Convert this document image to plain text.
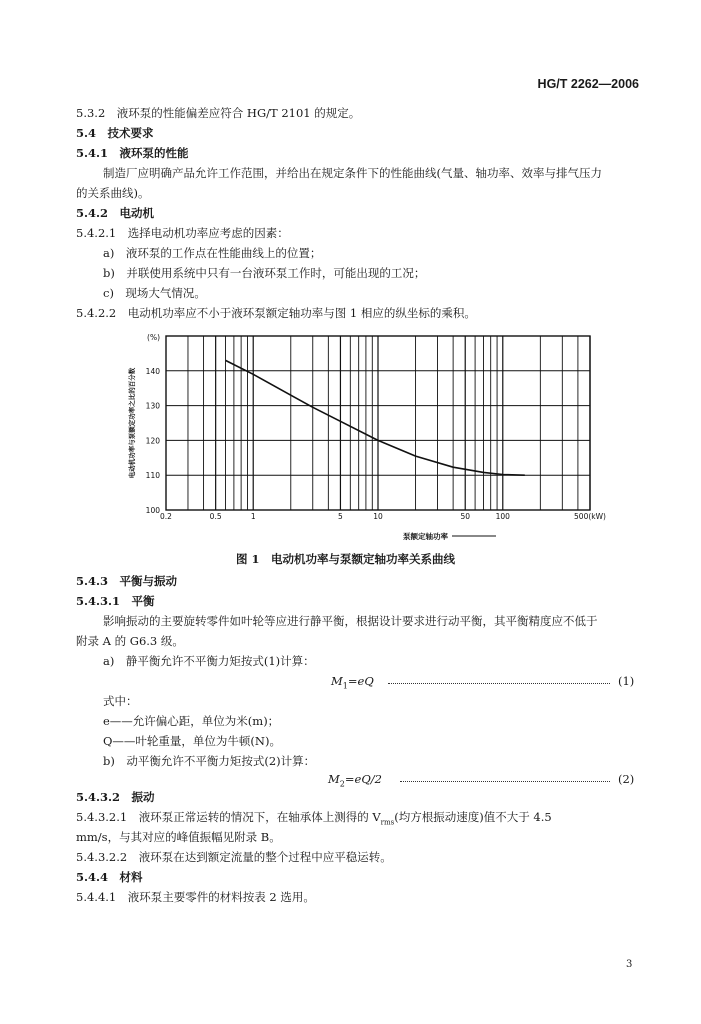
HG/T 2262—2006
5.3.2　液环泵的性能偏差应符合 HG/T 2101 的规定。
5.4　技术要求
5.4.1　液环泵的性能
制造厂应明确产品允许工作范围，并给出在规定条件下的性能曲线(气量、轴功率、效率与排气压力
的关系曲线)。
5.4.2　电动机
5.4.2.1　选择电动机功率应考虑的因素：
a)　液环泵的工作点在性能曲线上的位置；
b)　并联使用系统中只有一台液环泵工作时，可能出现的工况；
c)　现场大气情况。
5.4.2.2　电动机功率应不小于液环泵额定轴功率与图 1 相应的纵坐标的乘积。
100
110
120
130
140
(%)
0.2	0.5	1	5	10	50	100	500(kW)
泵额定轴功率
电动机功率与泵额定功率之比的百分数
图 1　电动机功率与泵额定轴功率关系曲线
5.4.3　平衡与振动
5.4.3.1　平衡
影响振动的主要旋转零件如叶轮等应进行静平衡，根据设计要求进行动平衡，其平衡精度应不低于
附录 A 的 G6.3 级。
a)　静平衡允许不平衡力矩按式(1)计算：
$M_1=eQ$	(1)
式中：
e——允许偏心距，单位为米(m)；
Q——叶轮重量，单位为牛顿(N)。
b)　动平衡允许不平衡力矩按式(2)计算：
$M_2=eQ/2$	(2)
5.4.3.2　振动
5.4.3.2.1　液环泵正常运转的情况下，在轴承体上测得的 $V_{rms}$(均方根振动速度)值不大于 4.5
mm/s，与其对应的峰值振幅见附录 B。
5.4.3.2.2　液环泵在达到额定流量的整个过程中应平稳运转。
5.4.4　材料
5.4.4.1　液环泵主要零件的材料按表 2 选用。
3
